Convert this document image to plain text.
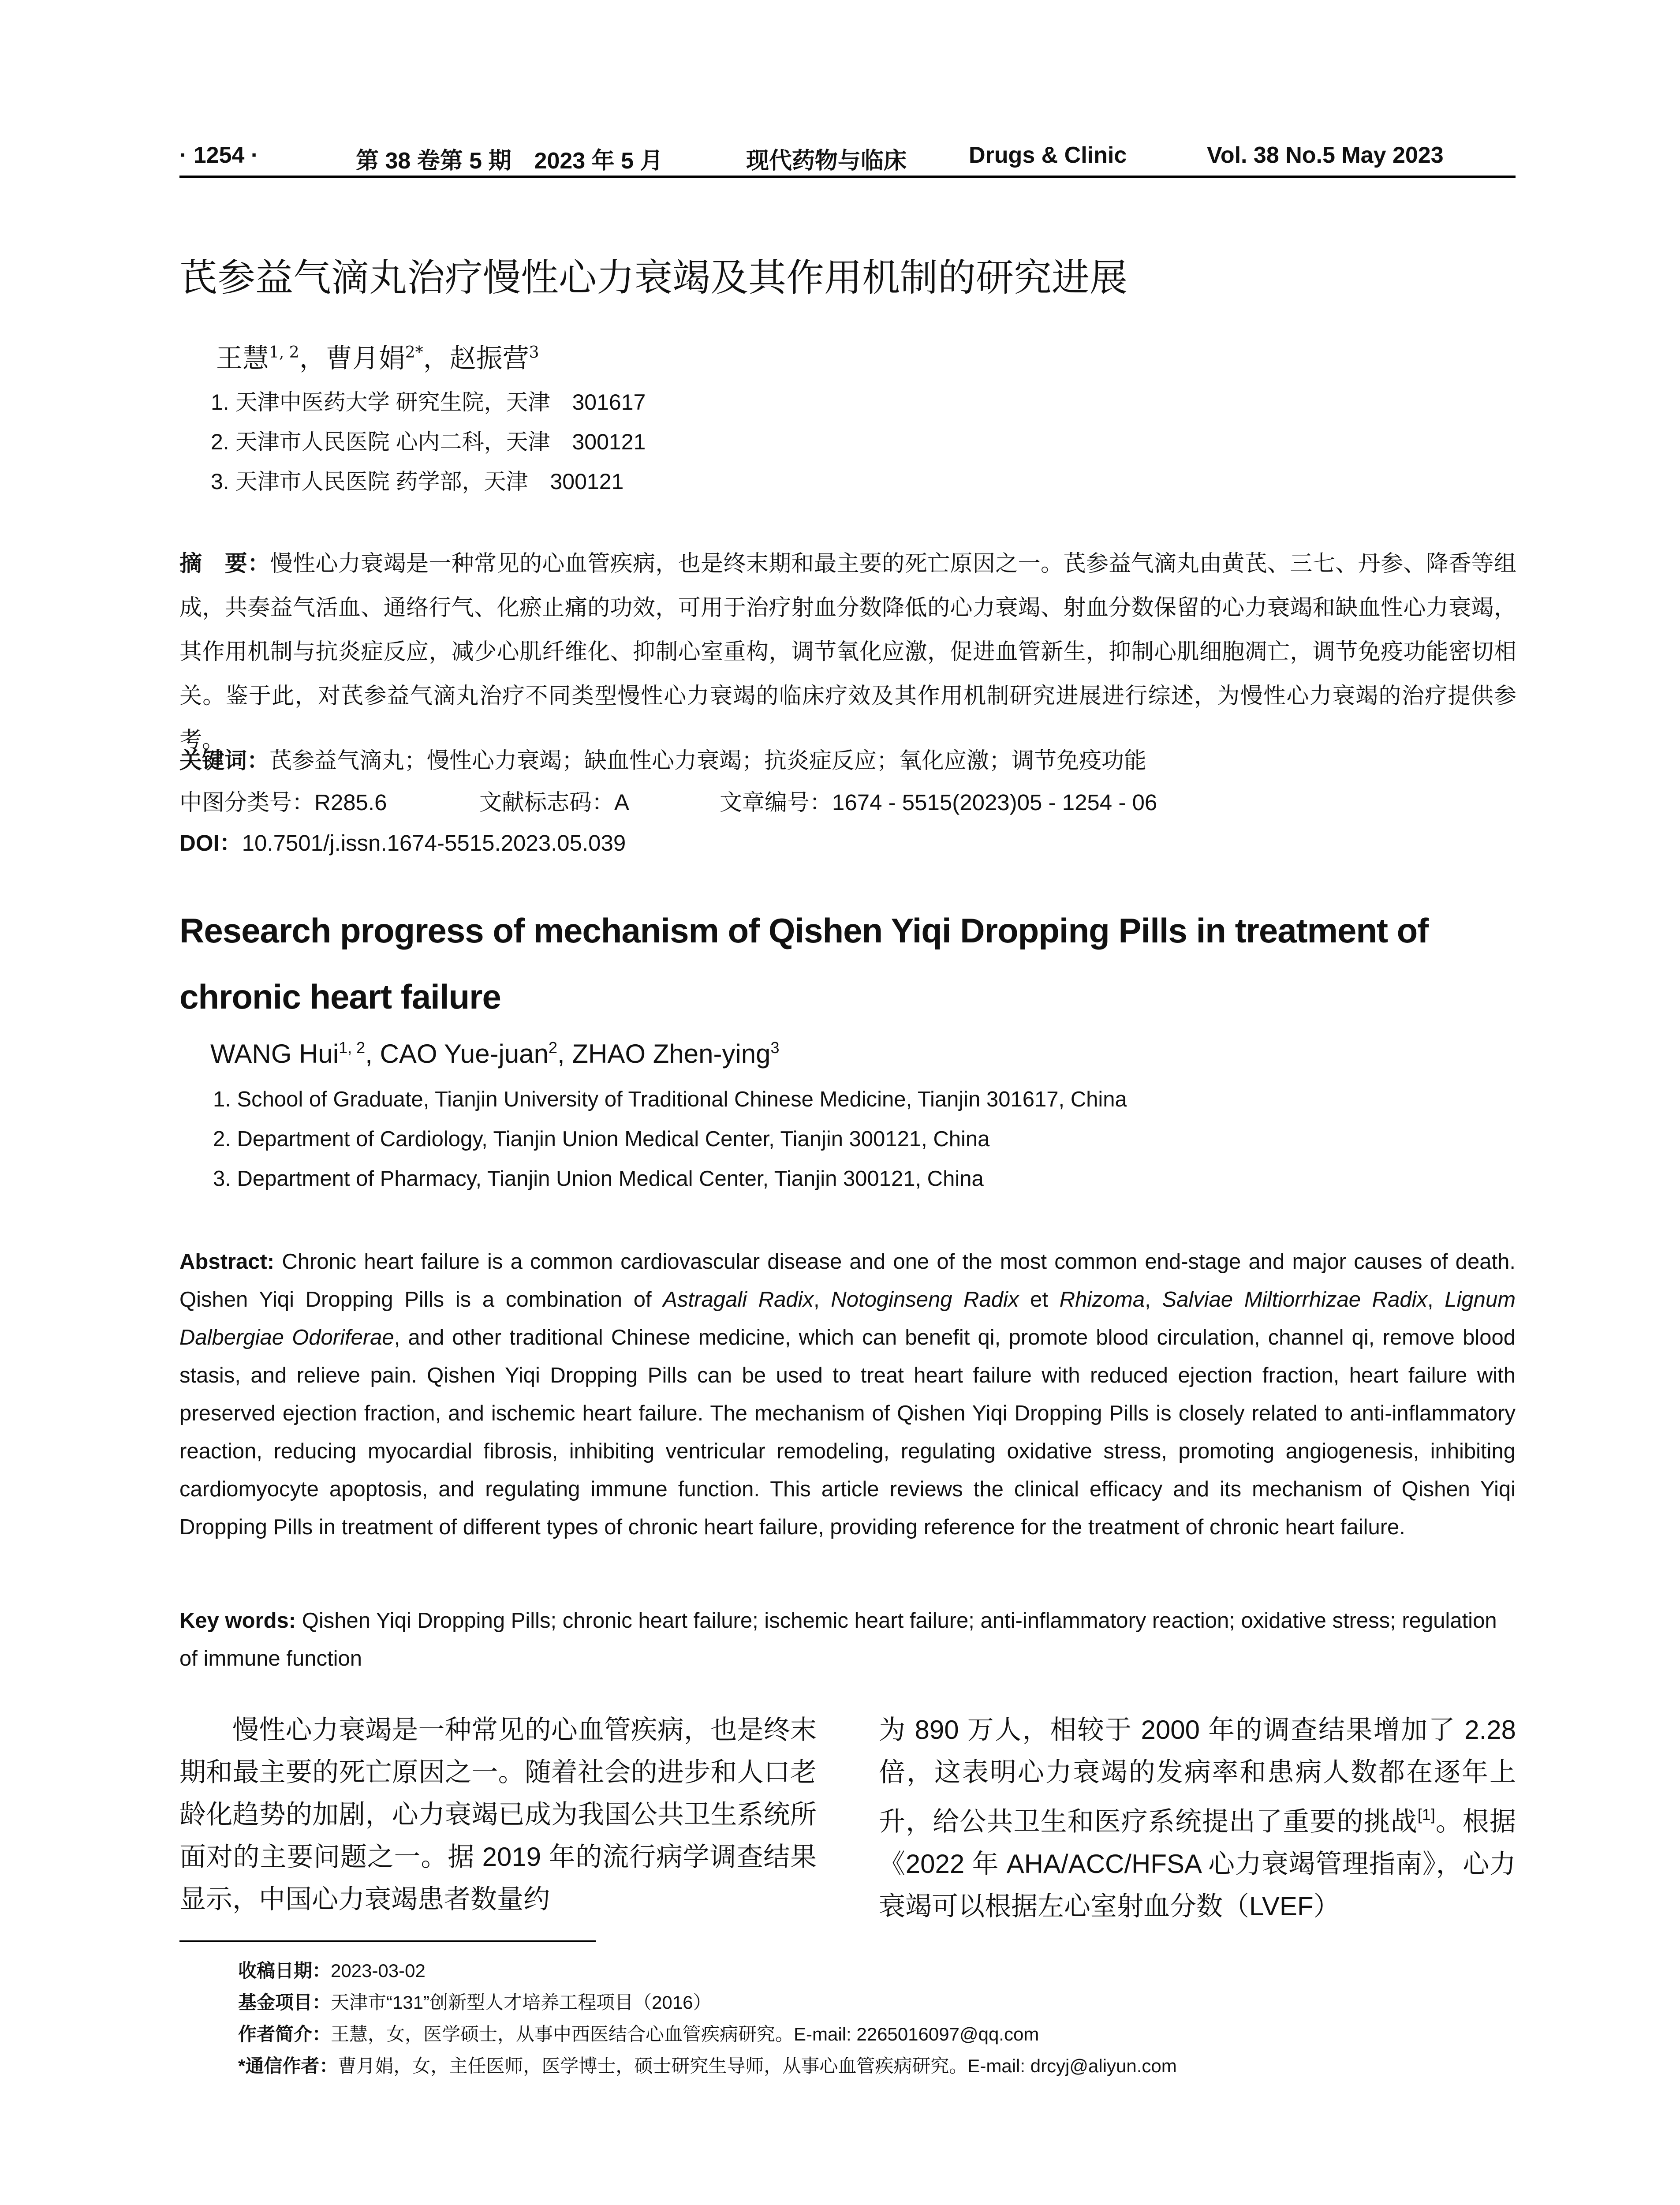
· 1254 ·	第 38 卷第 5 期　2023 年 5 月	现代药物与临床	Drugs & Clinic	Vol. 38 No.5 May 2023
芪参益气滴丸治疗慢性心力衰竭及其作用机制的研究进展
王慧$^{1, 2}$，曹月娟$^{2*}$，赵振营$^3$
1. 天津中医药大学 研究生院，天津　301617
2. 天津市人民医院 心内二科，天津　300121
3. 天津市人民医院 药学部，天津　300121
摘　要：慢性心力衰竭是一种常见的心血管疾病，也是终末期和最主要的死亡原因之一。芪参益气滴丸由黄芪、三七、丹参、降香等组成，共奏益气活血、通络行气、化瘀止痛的功效，可用于治疗射血分数降低的心力衰竭、射血分数保留的心力衰竭和缺血性心力衰竭，其作用机制与抗炎症反应，减少心肌纤维化、抑制心室重构，调节氧化应激，促进血管新生，抑制心肌细胞凋亡，调节免疫功能密切相关。鉴于此，对芪参益气滴丸治疗不同类型慢性心力衰竭的临床疗效及其作用机制研究进展进行综述，为慢性心力衰竭的治疗提供参考。
关键词：芪参益气滴丸；慢性心力衰竭；缺血性心力衰竭；抗炎症反应；氧化应激；调节免疫功能
中图分类号：R285.6	文献标志码：A	文章编号：1674 - 5515(2023)05 - 1254 - 06
DOI：10.7501/j.issn.1674-5515.2023.05.039
Research progress of mechanism of Qishen Yiqi Dropping Pills in treatment of chronic heart failure
WANG Hui$^{1, 2}$, CAO Yue-juan$^2$, ZHAO Zhen-ying$^3$
1. School of Graduate, Tianjin University of Traditional Chinese Medicine, Tianjin 301617, China
2. Department of Cardiology, Tianjin Union Medical Center, Tianjin 300121, China
3. Department of Pharmacy, Tianjin Union Medical Center, Tianjin 300121, China
Abstract: Chronic heart failure is a common cardiovascular disease and one of the most common end-stage and major causes of death. Qishen Yiqi Dropping Pills is a combination of Astragali Radix, Notoginseng Radix et Rhizoma, Salviae Miltiorrhizae Radix, Lignum Dalbergiae Odoriferae, and other traditional Chinese medicine, which can benefit qi, promote blood circulation, channel qi, remove blood stasis, and relieve pain. Qishen Yiqi Dropping Pills can be used to treat heart failure with reduced ejection fraction, heart failure with preserved ejection fraction, and ischemic heart failure. The mechanism of Qishen Yiqi Dropping Pills is closely related to anti-inflammatory reaction, reducing myocardial fibrosis, inhibiting ventricular remodeling, regulating oxidative stress, promoting angiogenesis, inhibiting cardiomyocyte apoptosis, and regulating immune function. This article reviews the clinical efficacy and its mechanism of Qishen Yiqi Dropping Pills in treatment of different types of chronic heart failure, providing reference for the treatment of chronic heart failure.
Key words: Qishen Yiqi Dropping Pills; chronic heart failure; ischemic heart failure; anti-inflammatory reaction; oxidative stress; regulation of immune function
慢性心力衰竭是一种常见的心血管疾病，也是终末期和最主要的死亡原因之一。随着社会的进步和人口老龄化趋势的加剧，心力衰竭已成为我国公共卫生系统所面对的主要问题之一。据 2019 年的流行病学调查结果显示，中国心力衰竭患者数量约
为 890 万人，相较于 2000 年的调查结果增加了 2.28 倍，这表明心力衰竭的发病率和患病人数都在逐年上升，给公共卫生和医疗系统提出了重要的挑战[1]。根据《2022 年 AHA/ACC/HFSA 心力衰竭管理指南》，心力衰竭可以根据左心室射血分数（LVEF）
收稿日期：2023-03-02
基金项目：天津市“131”创新型人才培养工程项目（2016）
作者简介：王慧，女，医学硕士，从事中西医结合心血管疾病研究。E-mail: 2265016097@qq.com
*通信作者：曹月娟，女，主任医师，医学博士，硕士研究生导师，从事心血管疾病研究。E-mail: drcyj@aliyun.com
